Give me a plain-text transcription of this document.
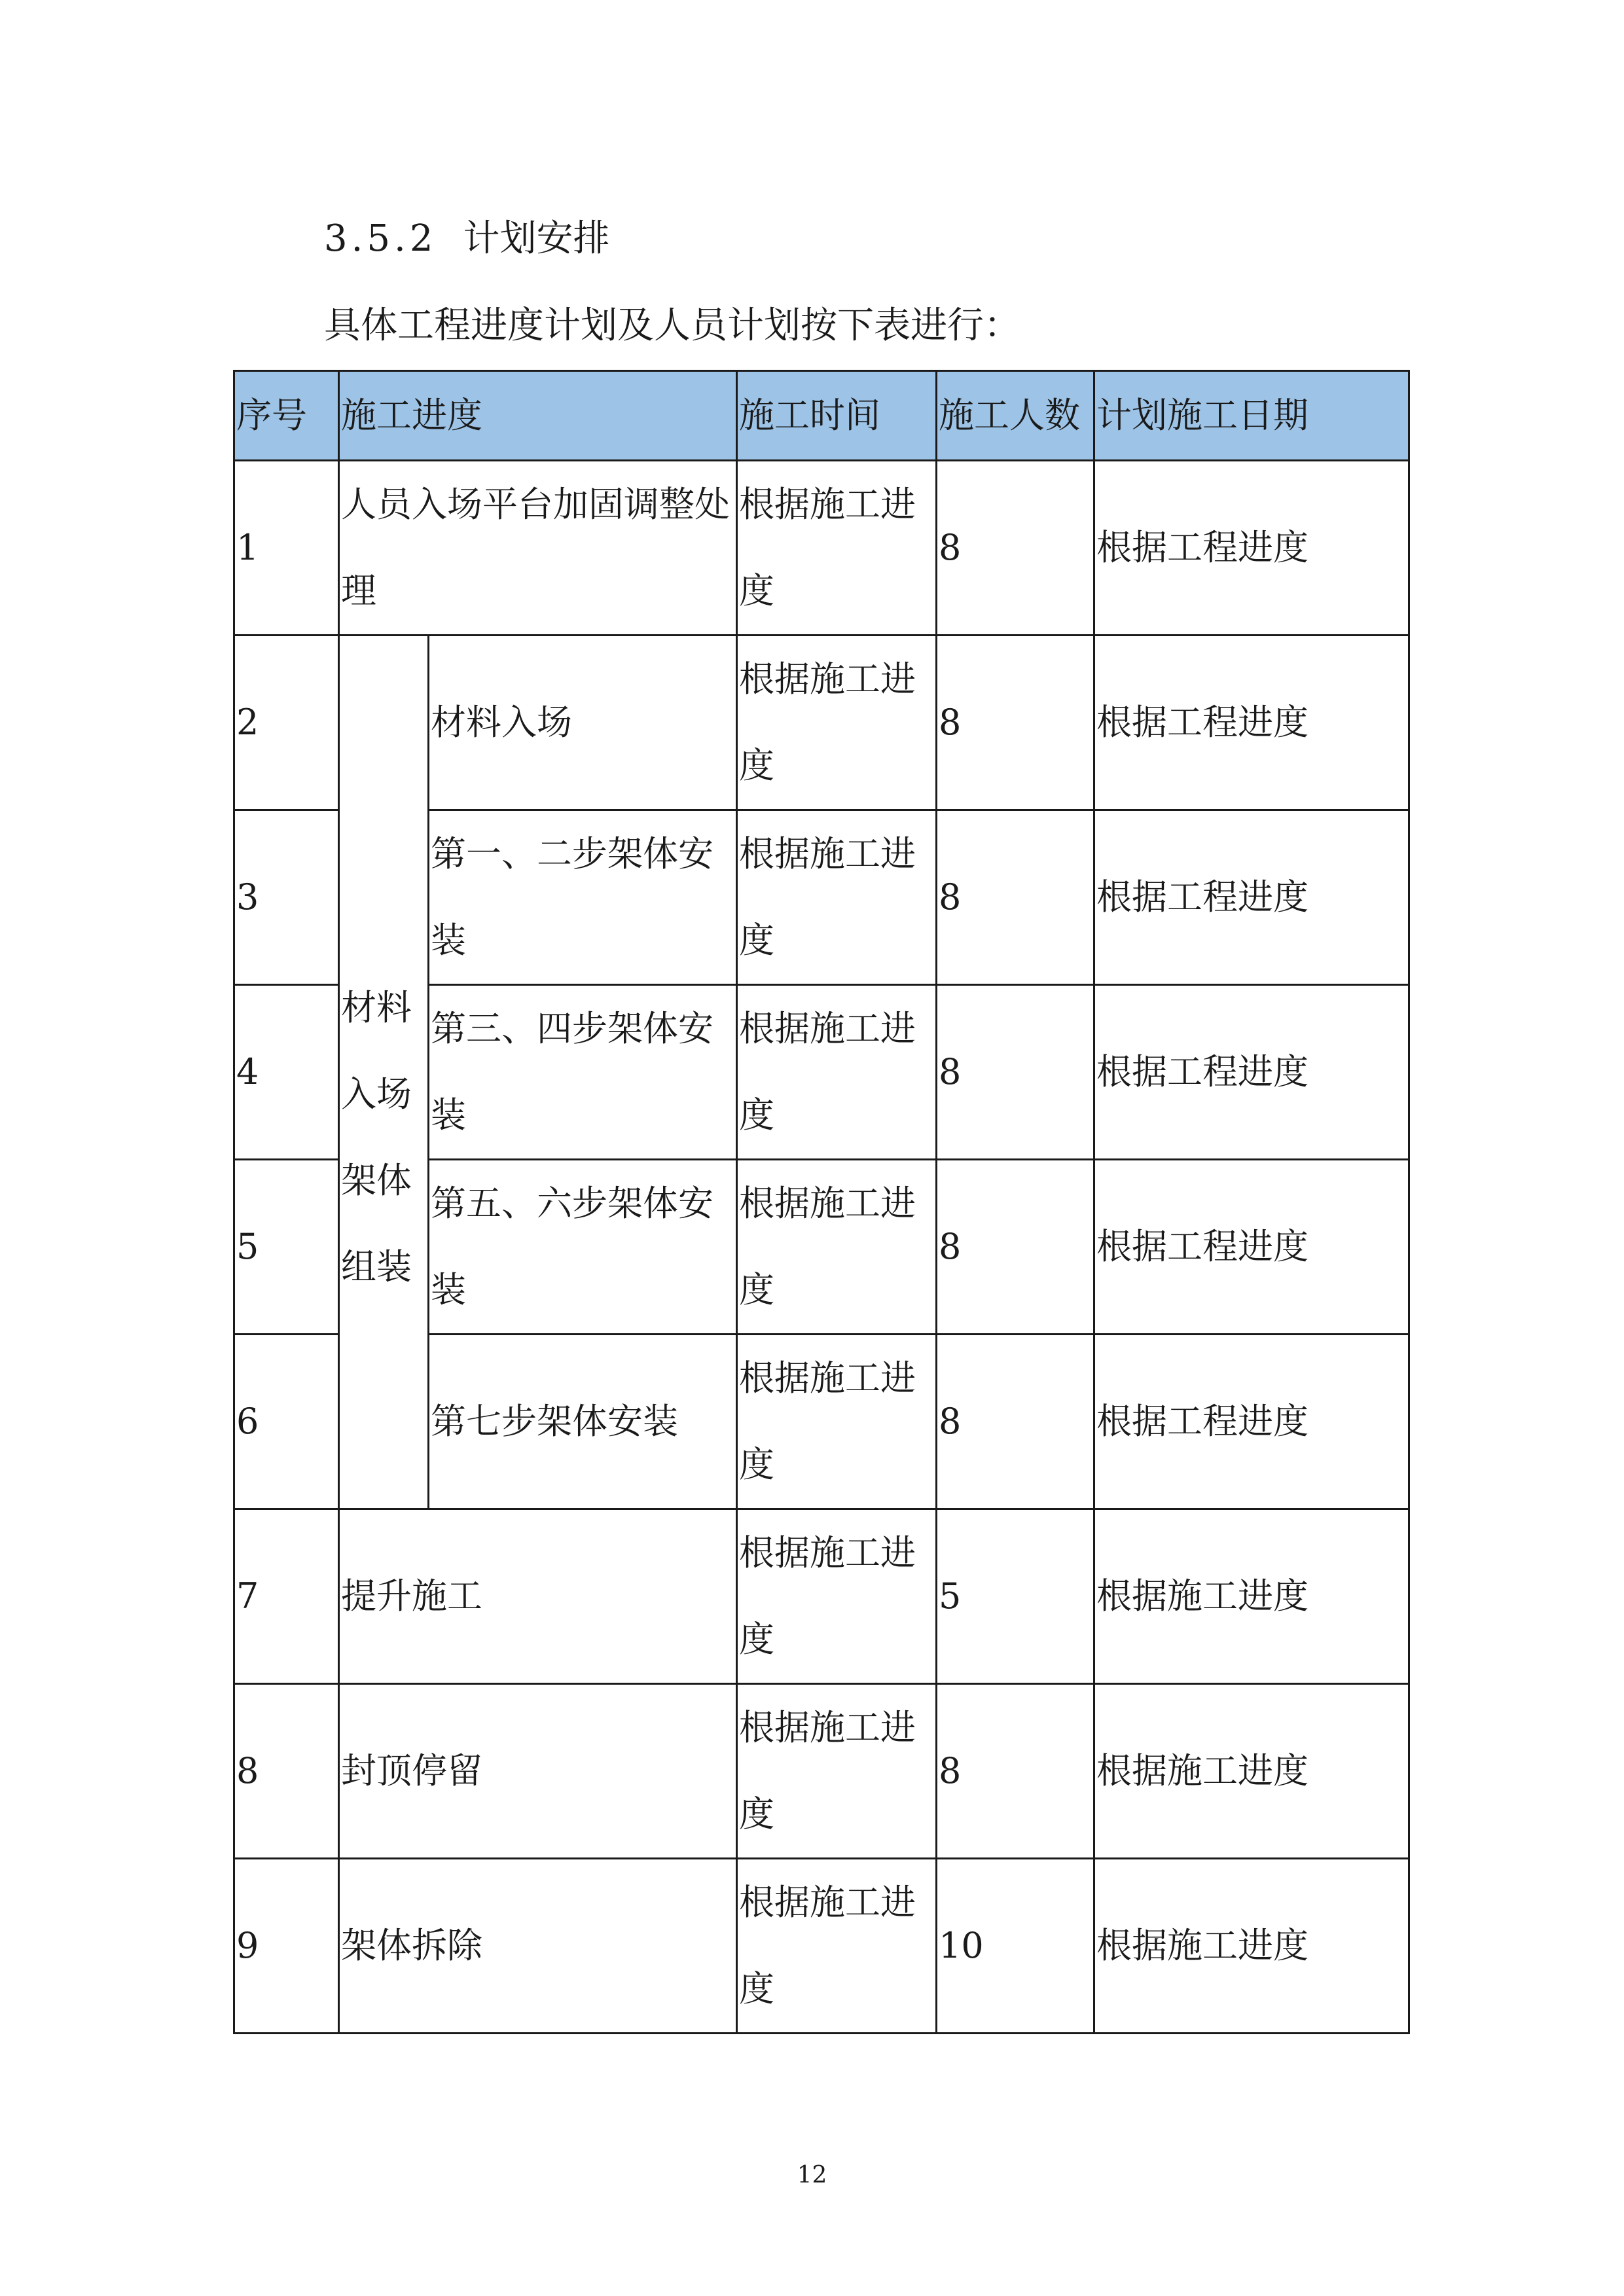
3.5.2 计划安排
具体工程进度计划及人员计划按下表进行：
序号	施工进度		施工时间	施工人数	计划施工日期
1	人员入场平台加固调整处理		根据施工进度	8	根据工程进度
2	材料入场架体组装	材料入场	根据施工进度	8	根据工程进度
3		第一、二步架体安装	根据施工进度	8	根据工程进度
4		第三、四步架体安装	根据施工进度	8	根据工程进度
5		第五、六步架体安装	根据施工进度	8	根据工程进度
6		第七步架体安装	根据施工进度	8	根据工程进度
7	提升施工		根据施工进度	5	根据施工进度
8	封顶停留		根据施工进度	8	根据施工进度
9	架体拆除		根据施工进度	10	根据施工进度
12
